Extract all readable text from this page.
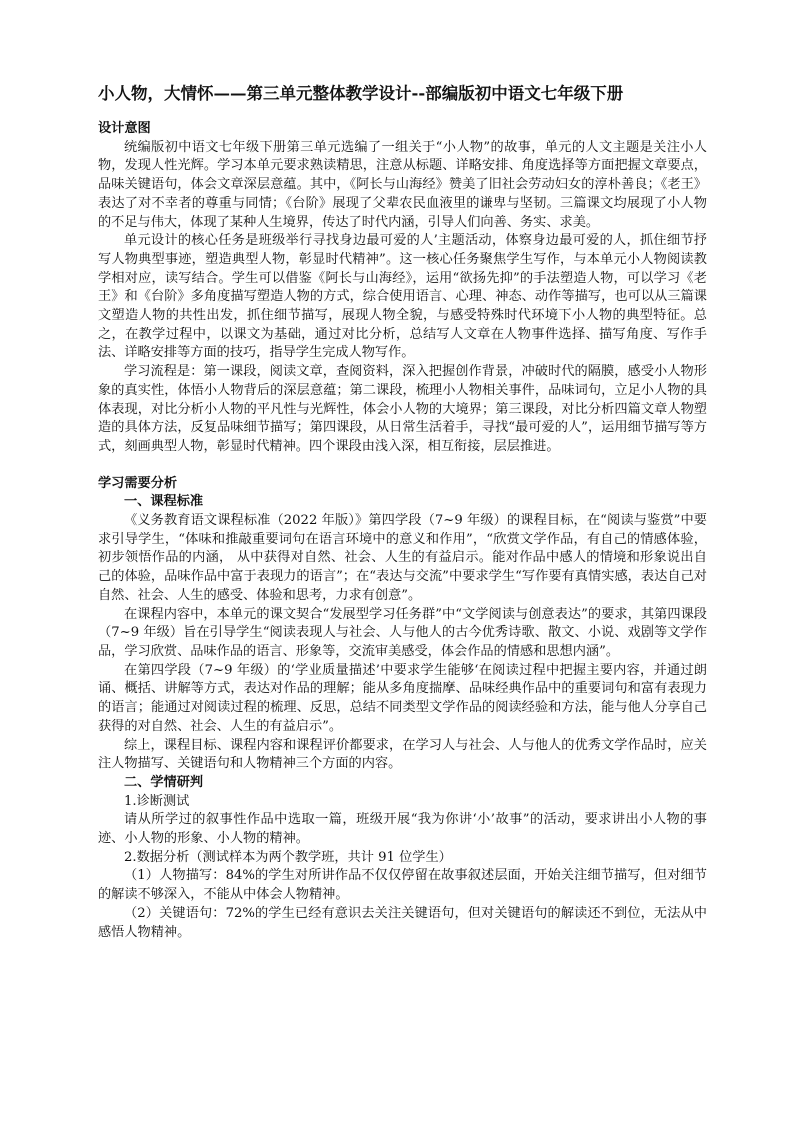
小人物，大情怀——第三单元整体教学设计--部编版初中语文七年级下册

设计意图

统编版初中语文七年级下册第三单元选编了一组关于“小人物”的故事，单元的人文主题是关注小人物，发现人性光辉。学习本单元要求熟读精思，注意从标题、详略安排、角度选择等方面把握文章要点，品味关键语句，体会文章深层意蕴。其中，《阿长与山海经》赞美了旧社会劳动妇女的淳朴善良；《老王》表达了对不幸者的尊重与同情；《台阶》展现了父辈农民血液里的谦卑与坚韧。三篇课文均展现了小人物的不足与伟大，体现了某种人生境界，传达了时代内涵，引导人们向善、务实、求美。

单元设计的核心任务是班级举行寻找身边最可爱的人’主题活动，体察身边最可爱的人，抓住细节抒写人物典型事迹，塑造典型人物，彰显时代精神”。这一核心任务聚焦学生写作，与本单元小人物阅读教学相对应，读写结合。学生可以借鉴《阿长与山海经》，运用“欲扬先抑”的手法塑造人物，可以学习《老王》和《台阶》多角度描写塑造人物的方式，综合使用语言、心理、神态、动作等描写，也可以从三篇课文塑造人物的共性出发，抓住细节描写，展现人物全貌，与感受特殊时代环境下小人物的典型特征。总之，在教学过程中，以课文为基础，通过对比分析，总结写人文章在人物事件选择、描写角度、写作手法、详略安排等方面的技巧，指导学生完成人物写作。

学习流程是：第一课段，阅读文章，查阅资料，深入把握创作背景，冲破时代的隔膜，感受小人物形象的真实性，体悟小人物背后的深层意蕴；第二课段，梳理小人物相关事件，品味词句，立足小人物的具体表现，对比分析小人物的平凡性与光辉性，体会小人物的大境界；第三课段，对比分析四篇文章人物塑造的具体方法，反复品味细节描写；第四课段，从日常生活着手，寻找“最可爱的人”，运用细节描写等方式，刻画典型人物，彰显时代精神。四个课段由浅入深，相互衔接，层层推进。

学习需要分析

一、课程标准

《义务教育语文课程标准（2022 年版）》第四学段（7~9 年级）的课程目标，在“阅读与鉴赏”中要求引导学生，“体味和推敲重要词句在语言环境中的意义和作用”，“欣赏文学作品，有自己的情感体验，初步领悟作品的内涵， 从中获得对自然、社会、人生的有益启示。能对作品中感人的情境和形象说出自己的体验，品味作品中富于表现力的语言”；在“表达与交流”中要求学生“写作要有真情实感，表达自己对自然、社会、人生的感受、体验和思考，力求有创意”。

在课程内容中，本单元的课文契合“发展型学习任务群”中“文学阅读与创意表达”的要求，其第四课段（7~9 年级）旨在引导学生“阅读表现人与社会、人与他人的古今优秀诗歌、散文、小说、戏剧等文学作品，学习欣赏、品味作品的语言、形象等，交流审美感受，体会作品的情感和思想内涵”。

在第四学段（7~9 年级）的‘学业质量描述’中要求学生能够‘在阅读过程中把握主要内容，并通过朗诵、概括、讲解等方式，表达对作品的理解；能从多角度揣摩、品味经典作品中的重要词句和富有表现力的语言；能通过对阅读过程的梳理、反思，总结不同类型文学作品的阅读经验和方法，能与他人分享自己获得的对自然、社会、人生的有益启示”。

综上，课程目标、课程内容和课程评价都要求，在学习人与社会、人与他人的优秀文学作品时，应关注人物描写、关键语句和人物精神三个方面的内容。

二、学情研判

1.诊断测试

请从所学过的叙事性作品中选取一篇，班级开展“我为你讲‘小’故事”的活动，要求讲出小人物的事迹、小人物的形象、小人物的精神。

2.数据分析（测试样本为两个教学班，共计 91 位学生）

（1）人物描写：84%的学生对所讲作品不仅仅停留在故事叙述层面，开始关注细节描写，但对细节的解读不够深入，不能从中体会人物精神。

（2）关键语句：72%的学生已经有意识去关注关键语句，但对关键语句的解读还不到位，无法从中感悟人物精神。
